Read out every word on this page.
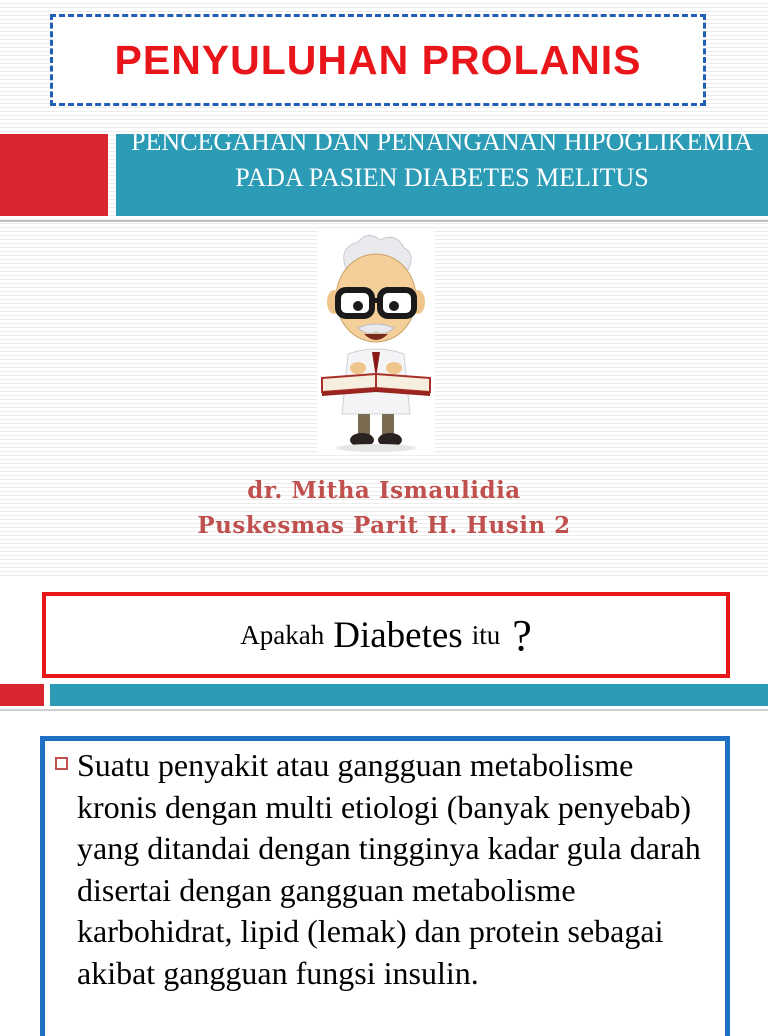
PENYULUHAN PROLANIS
PENCEGAHAN DAN PENANGANAN HIPOGLIKEMIA PADA PASIEN DIABETES MELITUS
dr. Mitha Ismaulidia
Puskesmas Parit H. Husin 2
Apakah Diabetes itu ?
Suatu penyakit atau gangguan metabolisme kronis dengan multi etiologi (banyak penyebab) yang ditandai dengan tingginya kadar gula darah disertai dengan gangguan metabolisme karbohidrat, lipid (lemak) dan protein sebagai akibat gangguan fungsi insulin.
